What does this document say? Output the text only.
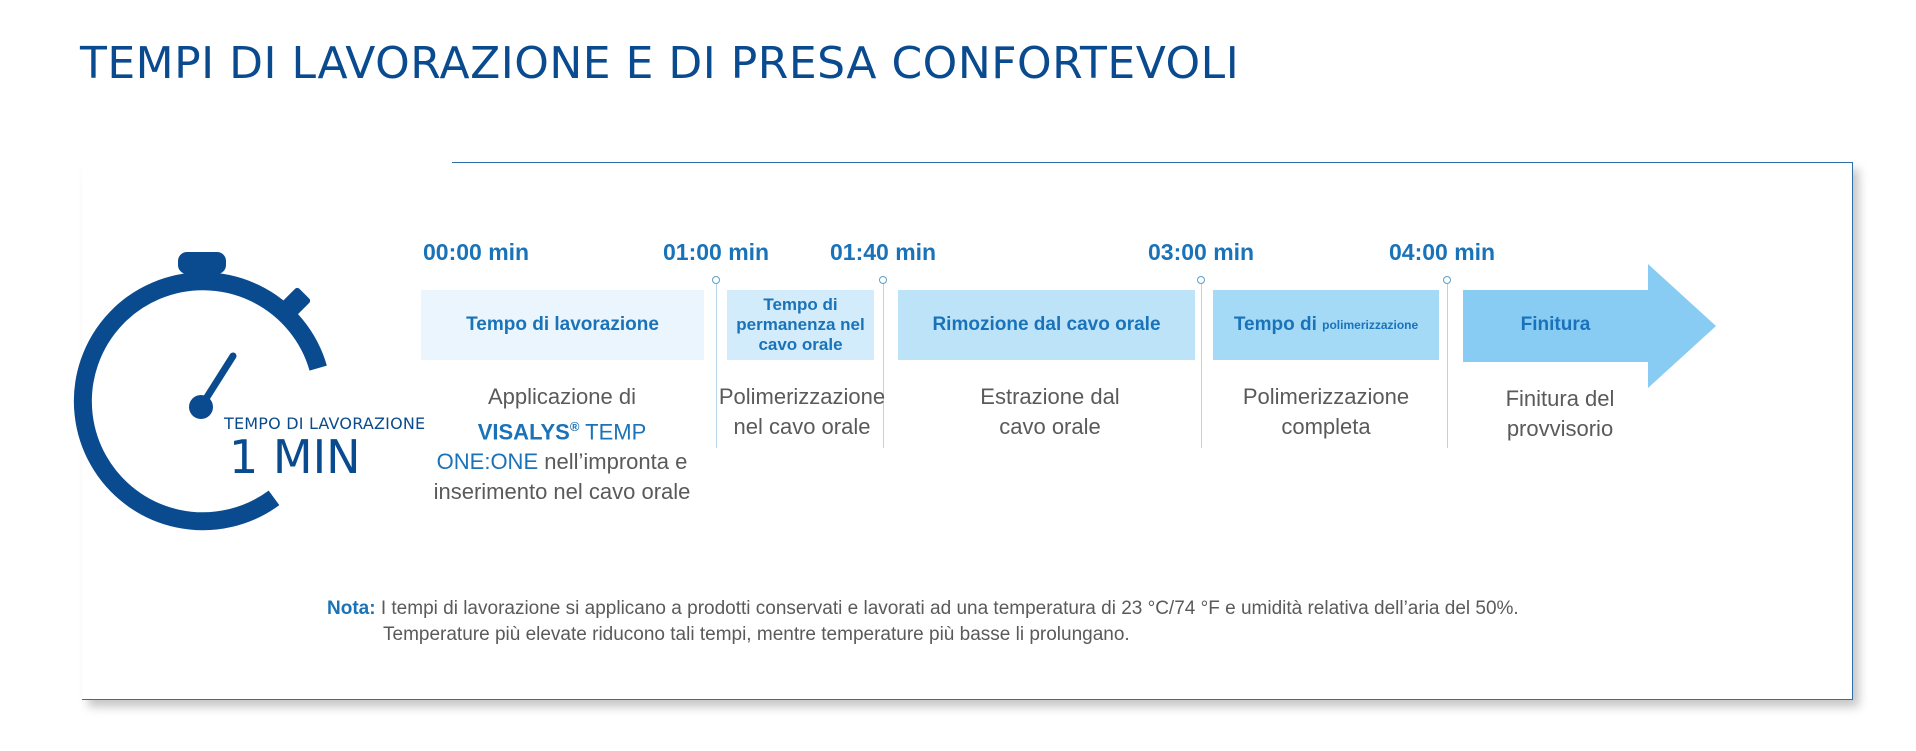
TEMPI DI LAVORAZIONE E DI PRESA CONFORTEVOLI
TEMPO DI LAVORAZIONE
1 MIN
00:00 min	01:00 min	01:40 min	03:00 min	04:00 min
Tempo di lavorazione
Tempo di permanenza nel cavo orale
Rimozione dal cavo orale	Tempo di
polimerizzazione	Finitura
Applicazione di
VISALYS® TEMP
ONE:ONE nell’impronta e inserimento nel cavo orale
Polimerizzazione nel cavo orale
Estrazione dal cavo orale
Polimerizzazione completa
Finitura del provvisorio
Nota: I tempi di lavorazione si applicano a prodotti conservati e lavorati ad una temperatura di 23 °C/74 °F e umidità relativa dell’aria del 50%.
Temperature più elevate riducono tali tempi, mentre temperature più basse li prolungano.
